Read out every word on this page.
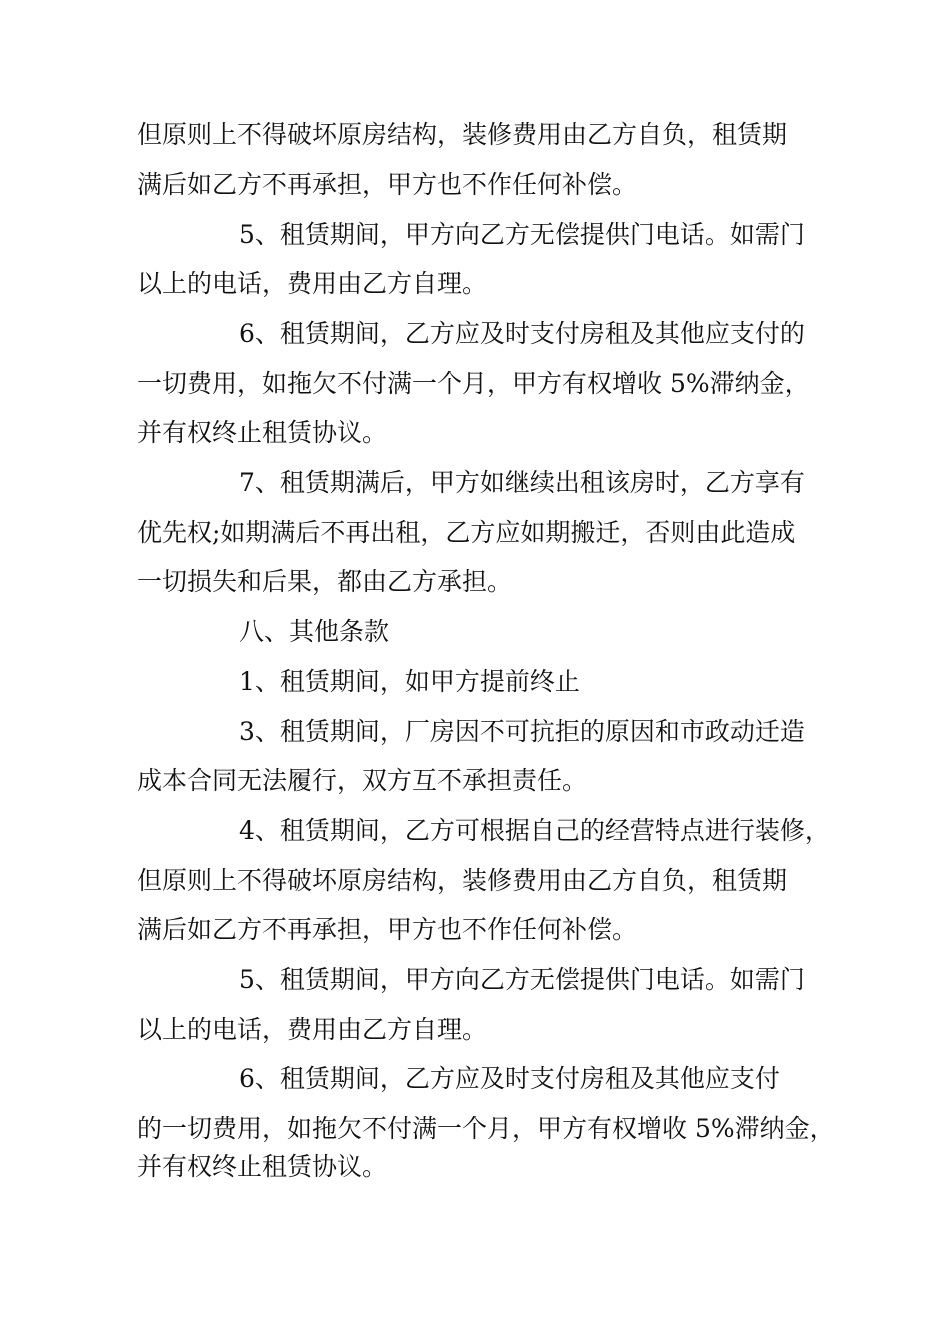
但原则上不得破坏原房结构，装修费用由乙方自负，租赁期
满后如乙方不再承担，甲方也不作任何补偿。
5、租赁期间，甲方向乙方无偿提供门电话。如需门
以上的电话，费用由乙方自理。
6、租赁期间，乙方应及时支付房租及其他应支付的
一切费用，如拖欠不付满一个月，甲方有权增收 5%滞纳金，
并有权终止租赁协议。
7、租赁期满后，甲方如继续出租该房时，乙方享有
优先权;如期满后不再出租，乙方应如期搬迁，否则由此造成
一切损失和后果，都由乙方承担。
八、其他条款
1、租赁期间，如甲方提前终止
3、租赁期间，厂房因不可抗拒的原因和市政动迁造
成本合同无法履行，双方互不承担责任。
4、租赁期间，乙方可根据自己的经营特点进行装修，
但原则上不得破坏原房结构，装修费用由乙方自负，租赁期
满后如乙方不再承担，甲方也不作任何补偿。
5、租赁期间，甲方向乙方无偿提供门电话。如需门
以上的电话，费用由乙方自理。
6、租赁期间，乙方应及时支付房租及其他应支付
的一切费用，如拖欠不付满一个月，甲方有权增收 5%滞纳金，
并有权终止租赁协议。
